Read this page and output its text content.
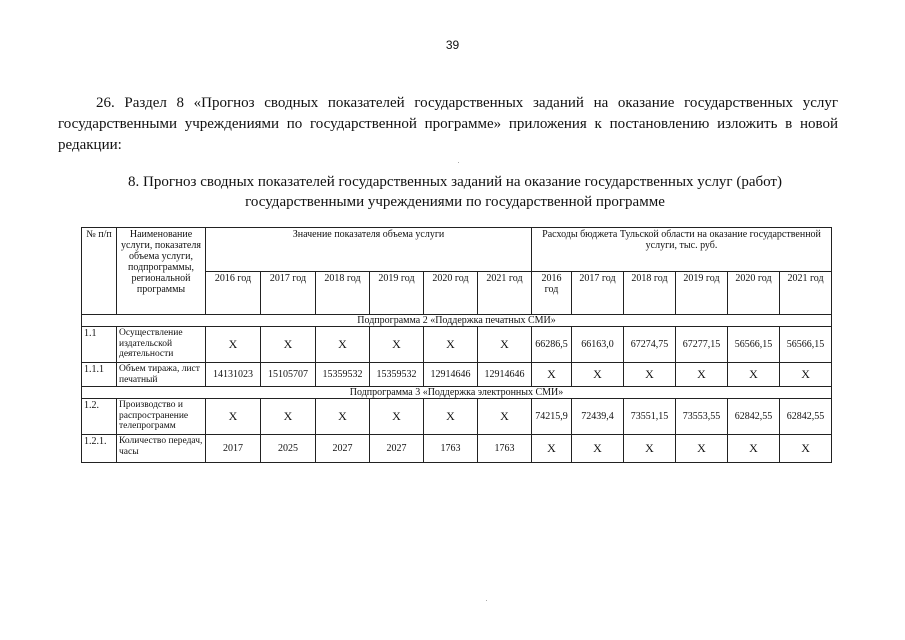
39
26. Раздел 8 «Прогноз сводных показателей государственных заданий на оказание государственных услуг государственными учреждениями по государственной программе» приложения к постановлению изложить в новой редакции:
8. Прогноз сводных показателей государственных заданий на оказание государственных услуг (работ)
государственными учреждениями по государственной программе
№ п/п	Наименование услуги, показателя объема услуги, подпрограммы, региональной программы	Значение показателя объема услуги						Расходы бюджета Тульской области на оказание государственной услуги, тыс. руб.					
		2016 год	2017 год	2018 год	2019 год	2020 год	2021 год	2016 год	2017 год	2018 год	2019 год	2020 год	2021 год
Подпрограмма 2 «Поддержка печатных СМИ»													
1.1	Осуществление издательской деятельности	X	X	X	X	X	X	66286,5	66163,0	67274,75	67277,15	56566,15	56566,15
1.1.1	Объем тиража, лист печатный	14131023	15105707	15359532	15359532	12914646	12914646	X	X	X	X	X	X
Подпрограмма 3 «Поддержка электронных СМИ»													
1.2.	Производство и распространение телепрограмм	X	X	X	X	X	X	74215,9	72439,4	73551,15	73553,55	62842,55	62842,55
1.2.1.	Количество передач, часы	2017	2025	2027	2027	1763	1763	X	X	X	X	X	X
